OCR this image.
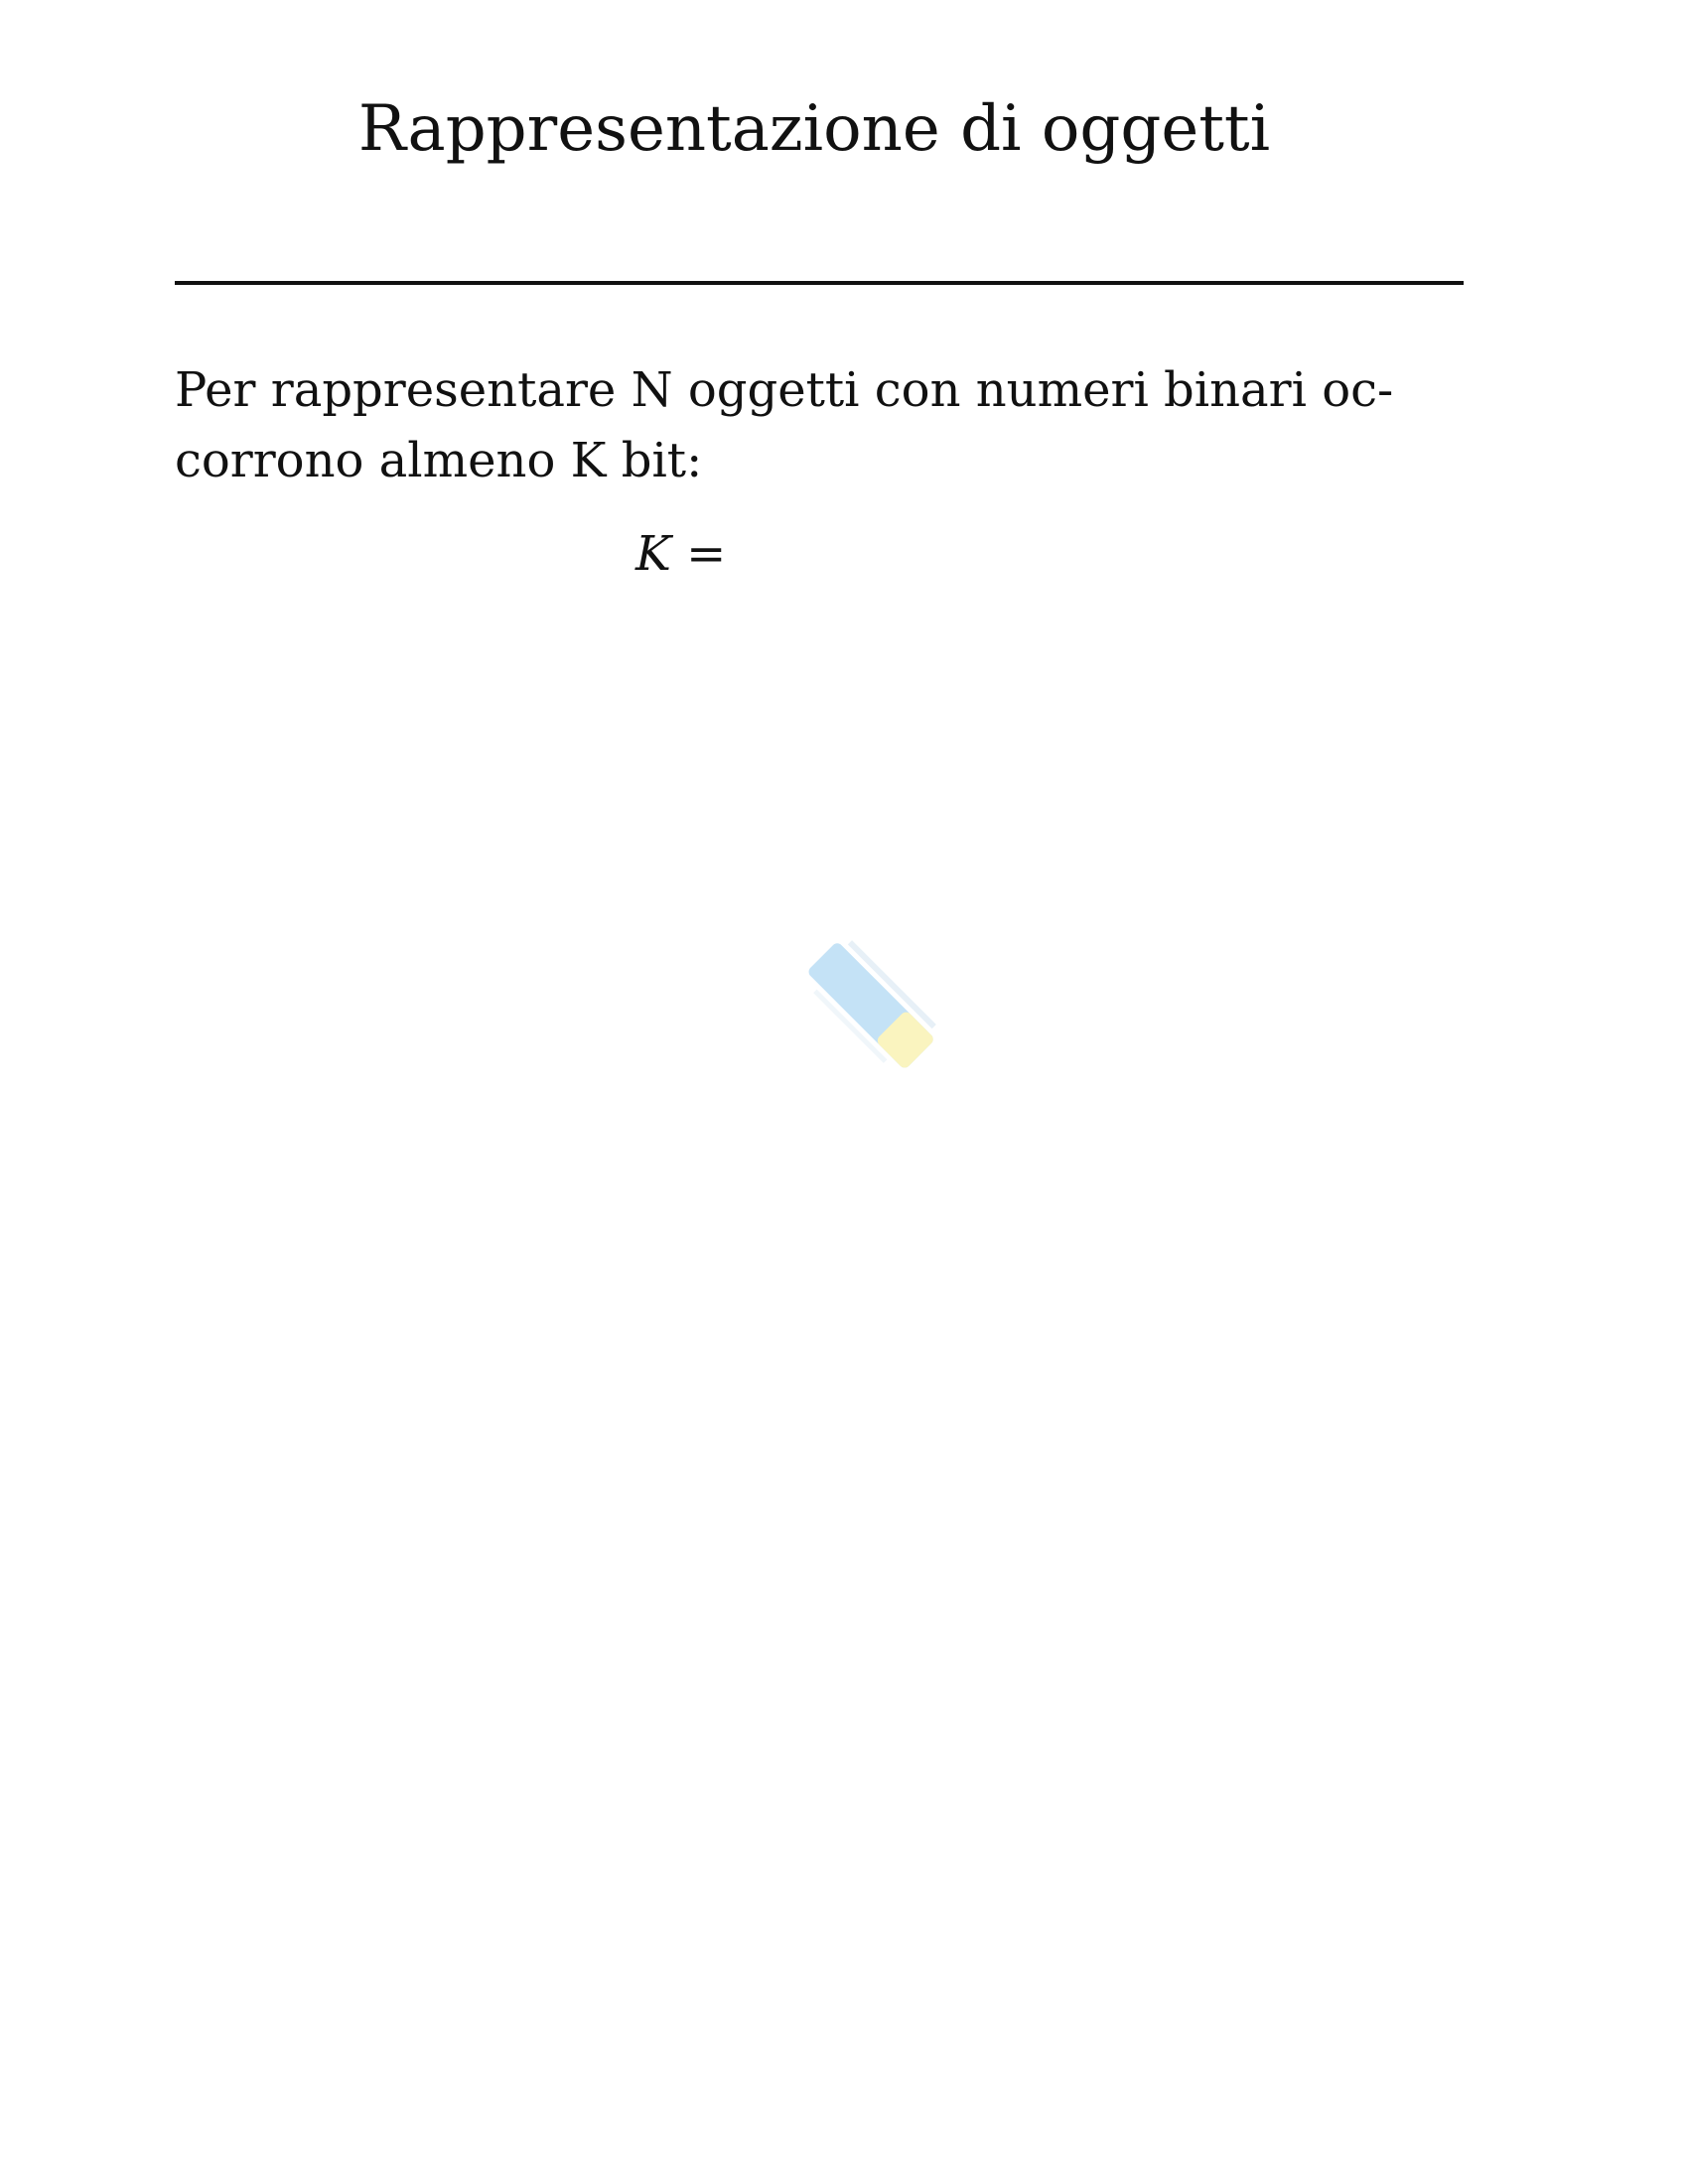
Rappresentazione di oggetti

Per rappresentare N oggetti con numeri binari oc-
corrono almeno K bit:

K =
